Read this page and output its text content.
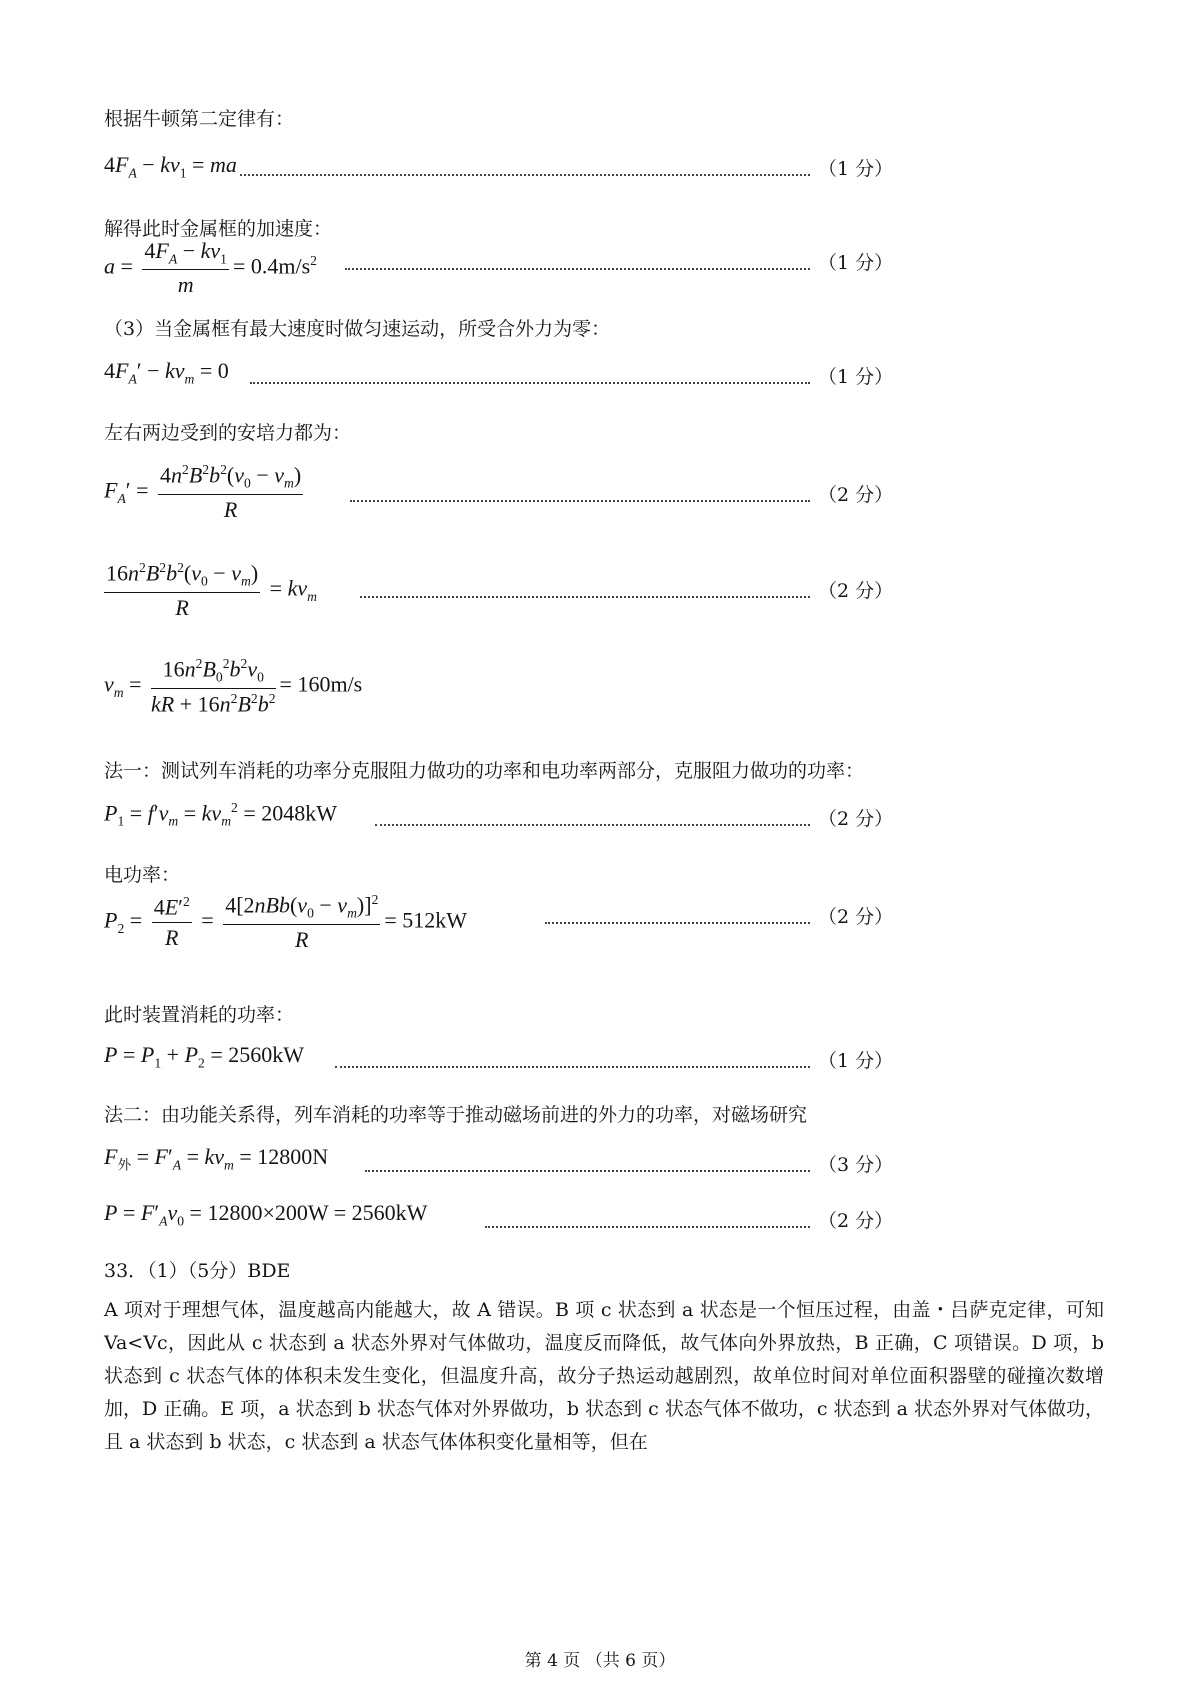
根据牛顿第二定律有：
$4F_A - kv_1$ = ma	（1 分）
解得此时金属框的加速度：
$a = \frac{4F_A - kv_1}{m} = 0.4m/s^2$	（1 分）
（3）当金属框有最大速度时做匀速运动，所受合外力为零：
$4F_A' - kv_m = 0$	（1 分）
左右两边受到的安培力都为：
$F_A' = \frac{4n^2B^2b^2(v_0 - v_m)}{R}$	（2 分）
$\frac{16n^2B^2b^2(v_0 - v_m)}{R} = kv_m$	（2 分）
$v_m = \frac{16n^2B_0^2b^2v_0}{kR + 16n^2B^2b^2} = 160m/s$
法一：测试列车消耗的功率分克服阻力做功的功率和电功率两部分，克服阻力做功的功率：
$P_1 = f'v_m = kv_m^2 = 2048kW$	（2 分）
电功率：
$P_2 = \frac{4E'^2}{R} = \frac{4[2nBb(v_0 - v_m)]^2}{R} = 512kW$	（2 分）
此时装置消耗的功率：
$P = P_1 + P_2 = 2560kW$	（1 分）
法二：由功能关系得，列车消耗的功率等于推动磁场前进的外力的功率，对磁场研究
$F_外 = F'_A = kv_m = 12800N$	（3 分）
$P = F'_Av_0 = 12800\times 200W = 2560kW$	（2 分）
33．（1）（5分）BDE
A 项对于理想气体，温度越高内能越大，故 A 错误。B 项 c 状态到 a 状态是一个恒压过程，由盖・吕萨克定律，可知 Va<Vc，因此从 c 状态到 a 状态外界对气体做功，温度反而降低，故气体向外界放热，B 正确，C 项错误。D 项，b 状态到 c 状态气体的体积未发生变化，但温度升高，故分子热运动越剧烈，故单位时间对单位面积器壁的碰撞次数增加，D 正确。E 项，a 状态到 b 状态气体对外界做功，b 状态到 c 状态气体不做功，c 状态到 a 状态外界对气体做功，且 a 状态到 b 状态，c 状态到 a 状态气体体积变化量相等，但在
第 4 页 （共 6 页）
